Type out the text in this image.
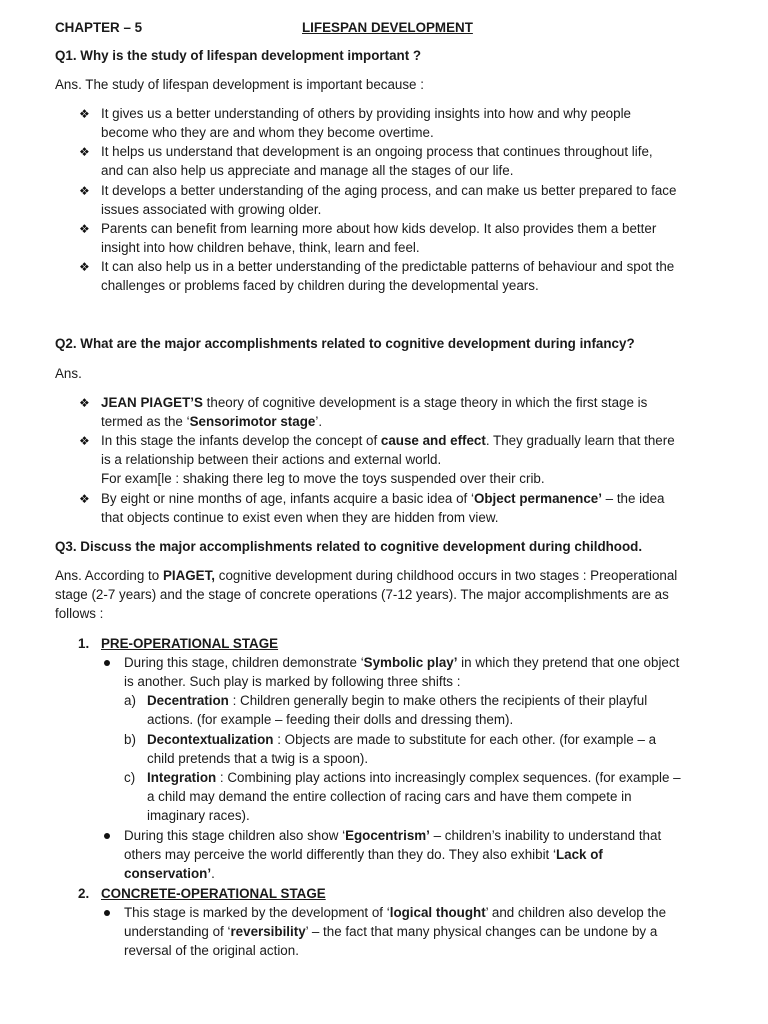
CHAPTER – 5	LIFESPAN DEVELOPMENT
Q1. Why is the study of lifespan development important ?
Ans. The study of lifespan development is important because :
❖ It gives us a better understanding of others by providing insights into how and why people
become who they are and whom they become overtime.
❖ It helps us understand that development is an ongoing process that continues throughout life,
and can also help us appreciate and manage all the stages of our life.
❖ It develops a better understanding of the aging process, and can make us better prepared to face
issues associated with growing older.
❖ Parents can benefit from learning more about how kids develop. It also provides them a better
insight into how children behave, think, learn and feel.
❖ It can also help us in a better understanding of the predictable patterns of behaviour and spot the
challenges or problems faced by children during the developmental years.
Q2. What are the major accomplishments related to cognitive development during infancy?
Ans.
❖ JEAN PIAGET’S theory of cognitive development is a stage theory in which the first stage is
termed as the ‘Sensorimotor stage’.
❖ In this stage the infants develop the concept of cause and effect. They gradually learn that there
is a relationship between their actions and external world.
For exam[le : shaking there leg to move the toys suspended over their crib.
❖ By eight or nine months of age, infants acquire a basic idea of ‘Object permanence’ – the idea
that objects continue to exist even when they are hidden from view.
Q3. Discuss the major accomplishments related to cognitive development during childhood.
Ans. According to PIAGET, cognitive development during childhood occurs in two stages : Preoperational
stage (2-7 years) and the stage of concrete operations (7-12 years). The major accomplishments are as
follows :
1. PRE-OPERATIONAL STAGE
During this stage, children demonstrate ‘Symbolic play’ in which they pretend that one object
is another. Such play is marked by following three shifts :
a) Decentration : Children generally begin to make others the recipients of their playful
actions. (for example – feeding their dolls and dressing them).
b) Decontextualization : Objects are made to substitute for each other. (for example – a
child pretends that a twig is a spoon).
c) Integration : Combining play actions into increasingly complex sequences. (for example –
a child may demand the entire collection of racing cars and have them compete in
imaginary races).
During this stage children also show ‘Egocentrism’ – children’s inability to understand that
others may perceive the world differently than they do. They also exhibit ‘Lack of
conservation’.
2. CONCRETE-OPERATIONAL STAGE
This stage is marked by the development of ‘logical thought’ and children also develop the
understanding of ‘reversibility’ – the fact that many physical changes can be undone by a
reversal of the original action.
